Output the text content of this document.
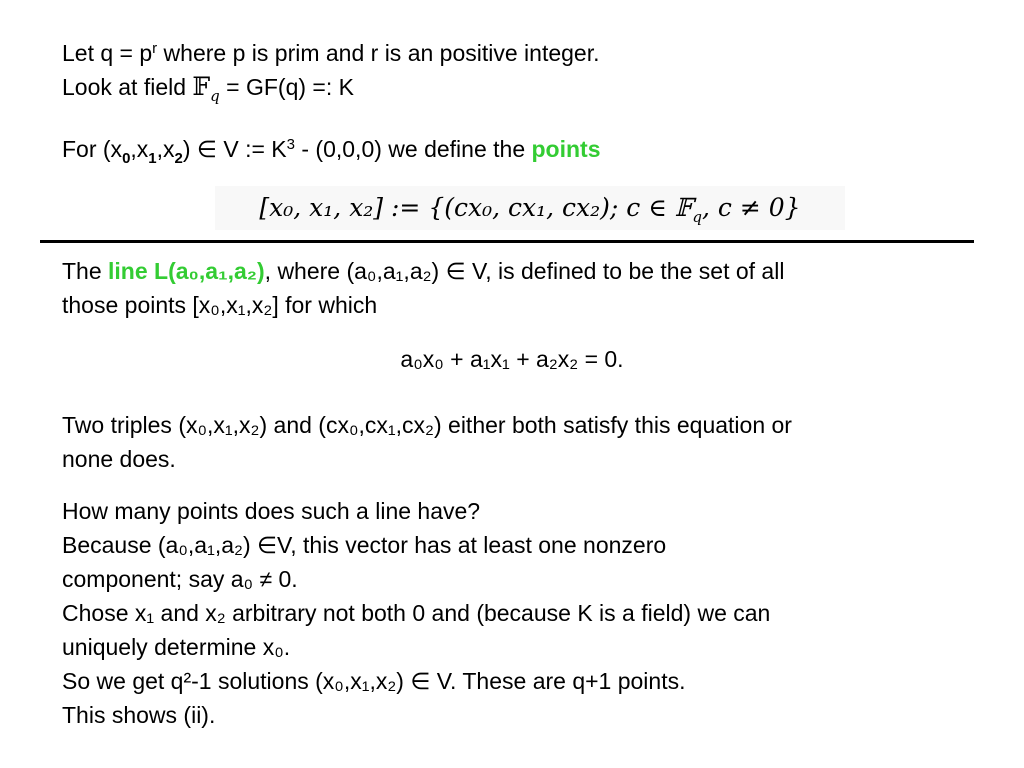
Let $q = p^r$ where p is prim and r is an positive integer.

Look at field 𝔽$_q$ = GF(q) =: K

For $(x_0,x_1,x_2)$ ∈ V := $K^3 - (0,0,0)$ we define the points

[x₀, x₁, x₂] := {(cx₀, cx₁, cx₂); c ∈ 𝔽$_q$, c ≠ 0}

The line L(a₀,a₁,a₂), where (a₀,a₁,a₂) ∈ V, is defined to be the set of all

those points [x₀,x₁,x₂] for which

a₀x₀ + a₁x₁ + a₂x₂ = 0.

Two triples (x₀,x₁,x₂) and (cx₀,cx₁,cx₂) either both satisfy this equation or

none does.

How many points does such a line have?

Because (a₀,a₁,a₂) ∈V, this vector has at least one nonzero

component; say a₀ ≠ 0.

Chose x₁ and x₂ arbitrary not both 0 and (because K is a field) we can

uniquely determine x₀.

So we get q²-1 solutions (x₀,x₁,x₂) ∈ V. These are q+1 points.

This shows (ii).
